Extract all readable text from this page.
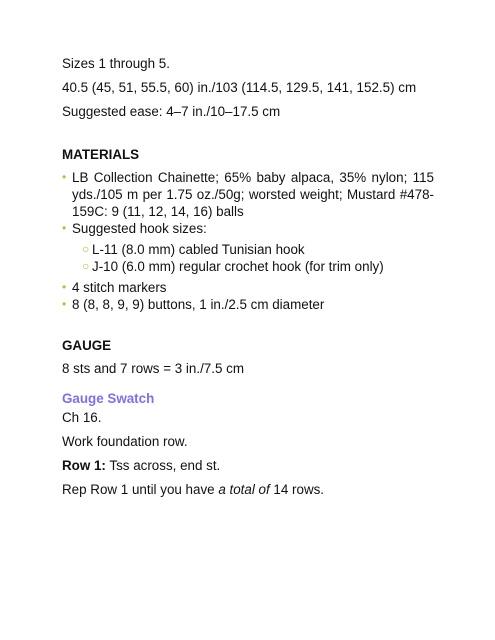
Sizes 1 through 5.

40.5 (45, 51, 55.5, 60) in./103 (114.5, 129.5, 141, 152.5) cm

Suggested ease: 4–7 in./10–17.5 cm

MATERIALS

• LB Collection Chainette; 65% baby alpaca, 35% nylon; 115 yds./105 m per 1.75 oz./50g; worsted weight; Mustard #478-159C: 9 (11, 12, 14, 16) balls
• Suggested hook sizes:
○ L-11 (8.0 mm) cabled Tunisian hook
○ J-10 (6.0 mm) regular crochet hook (for trim only)
• 4 stitch markers
• 8 (8, 8, 9, 9) buttons, 1 in./2.5 cm diameter

GAUGE

8 sts and 7 rows = 3 in./7.5 cm

Gauge Swatch

Ch 16.

Work foundation row.

Row 1: Tss across, end st.

Rep Row 1 until you have a total of 14 rows.
